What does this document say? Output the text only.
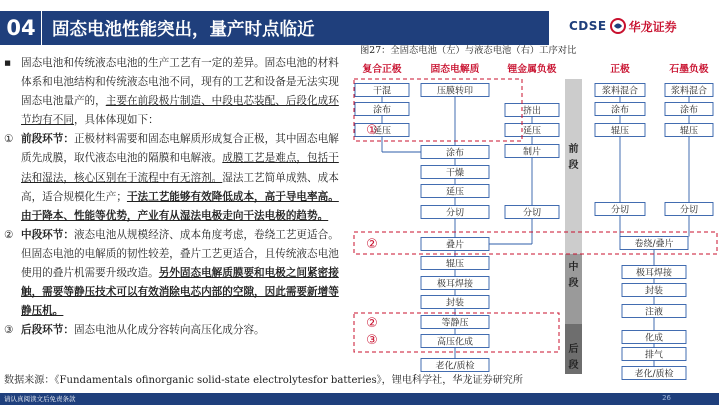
04 固态电池性能突出，量产时点临近	CDSE 华龙证券

▪ 固态电池和传统液态电池的生产工艺有一定的差异。固态电池的材料体系和电池结构和传统液态电池不同，现有的工艺和设备是无法实现固态电池量产的，主要在前段极片制造、中段电芯装配、后段化成环节均有不同，具体体现如下：

① 前段环节：正极材料需要和固态电解质形成复合正极，其中固态电解质先成膜，取代液态电池的隔膜和电解液。成膜工艺是难点，包括干法和湿法，核心区别在于流程中有无溶剂。湿法工艺简单成熟、成本高，适合规模化生产；干法工艺能够有效降低成本，高于导电率高。由于降本、性能等优势，产业有从湿法电极走向干法电极的趋势。

② 中段环节：液态电池从规模经济、成本角度考虑，卷绕工艺更适合。但固态电池的电解质的韧性较差，叠片工艺更适合，且传统液态电池使用的叠片机需要升级改造。另外固态电解质膜要和电极之间紧密接触，需要等静压技术可以有效消除电芯内部的空隙，因此需要新增等静压机。

③ 后段环节：固态电池从化成分容转向高压化成分容。

图27：全固态电池（左）与液态电池（右）工序对比
前
段
中
段
后
段
复合正极	固态电解质	锂金属负极	正极	石墨负极
干混
涂布
延压
压膜转印
涂布
干燥
延压
分切
叠片
辊压
极耳焊接
封装
等静压
高压化成
老化/质检
挤出
延压
制片
分切
浆料混合
涂布
辊压
分切
浆料混合
涂布
辊压
分切
卷绕/叠片
极耳焊接
封装
注液
化成
排气
老化/质检
①
②
②
③
数据来源：《Fundamentals ofinorganic solid-state electrolytesfor batteries》，锂电科学社，华龙证券研究所
请认真阅读文后免责条款	26
